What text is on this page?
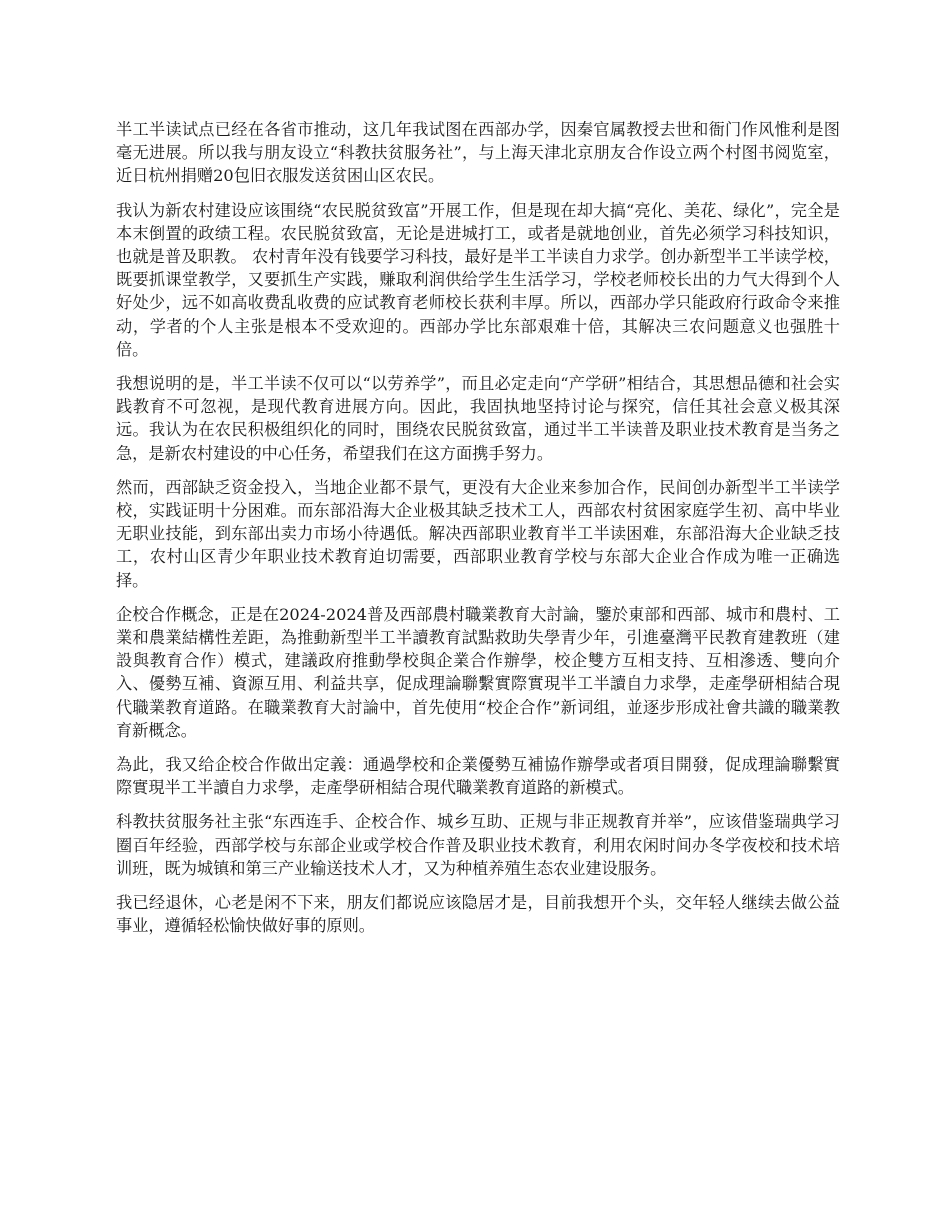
半工半读试点已经在各省市推动，这几年我试图在西部办学，因秦官属教授去世和衙门作风惟利是图毫无进展。所以我与朋友设立“科教扶贫服务社”，与上海天津北京朋友合作设立两个村图书阅览室，近日杭州捐赠20包旧衣服发送贫困山区农民。

我认为新农村建设应该围绕“农民脱贫致富”开展工作，但是现在却大搞“亮化、美花、绿化”，完全是本末倒置的政绩工程。农民脱贫致富，无论是进城打工，或者是就地创业，首先必须学习科技知识，也就是普及职教。 农村青年没有钱要学习科技，最好是半工半读自力求学。创办新型半工半读学校，既要抓课堂教学，又要抓生产实践，赚取利润供给学生生活学习，学校老师校长出的力气大得到个人好处少，远不如高收费乱收费的应试教育老师校长获利丰厚。所以，西部办学只能政府行政命令来推动，学者的个人主张是根本不受欢迎的。西部办学比东部艰难十倍，其解决三农问题意义也强胜十倍。

我想说明的是，半工半读不仅可以“以劳养学”，而且必定走向“产学研”相结合，其思想品德和社会实践教育不可忽视，是现代教育进展方向。因此，我固执地坚持讨论与探究，信任其社会意义极其深远。我认为在农民积极组织化的同时，围绕农民脱贫致富，通过半工半读普及职业技术教育是当务之急，是新农村建设的中心任务，希望我们在这方面携手努力。

然而，西部缺乏资金投入，当地企业都不景气，更没有大企业来参加合作，民间创办新型半工半读学校，实践证明十分困难。而东部沿海大企业极其缺乏技术工人，西部农村贫困家庭学生初、高中毕业无职业技能，到东部出卖力市场小待遇低。解决西部职业教育半工半读困难，东部沿海大企业缺乏技工，农村山区青少年职业技术教育迫切需要，西部职业教育学校与东部大企业合作成为唯一正确选择。

企校合作概念，正是在2024-2024普及西部農村職業教育大討論，鑒於東部和西部、城市和農村、工業和農業結構性差距，為推動新型半工半讀教育試點救助失學青少年，引進臺灣平民教育建教班（建設與教育合作）模式，建議政府推動學校與企業合作辦學，校企雙方互相支持、互相滲透、雙向介入、優勢互補、資源互用、利益共享，促成理論聯繫實際實現半工半讀自力求學，走產學研相結合現代職業教育道路。在職業教育大討論中，首先使用“校企合作”新词组，並逐步形成社會共識的職業教育新概念。

為此，我又给企校合作做出定義：通過學校和企業優勢互補協作辦學或者項目開發，促成理論聯繫實際實現半工半讀自力求學，走產學研相結合現代職業教育道路的新模式。

科教扶贫服务社主张“东西连手、企校合作、城乡互助、正规与非正规教育并举”，应该借鉴瑞典学习圈百年经验，西部学校与东部企业或学校合作普及职业技术教育，利用农闲时间办冬学夜校和技术培训班，既为城镇和第三产业输送技术人才，又为种植养殖生态农业建设服务。

我已经退休，心老是闲不下来，朋友们都说应该隐居才是，目前我想开个头，交年轻人继续去做公益事业，遵循轻松愉快做好事的原则。
